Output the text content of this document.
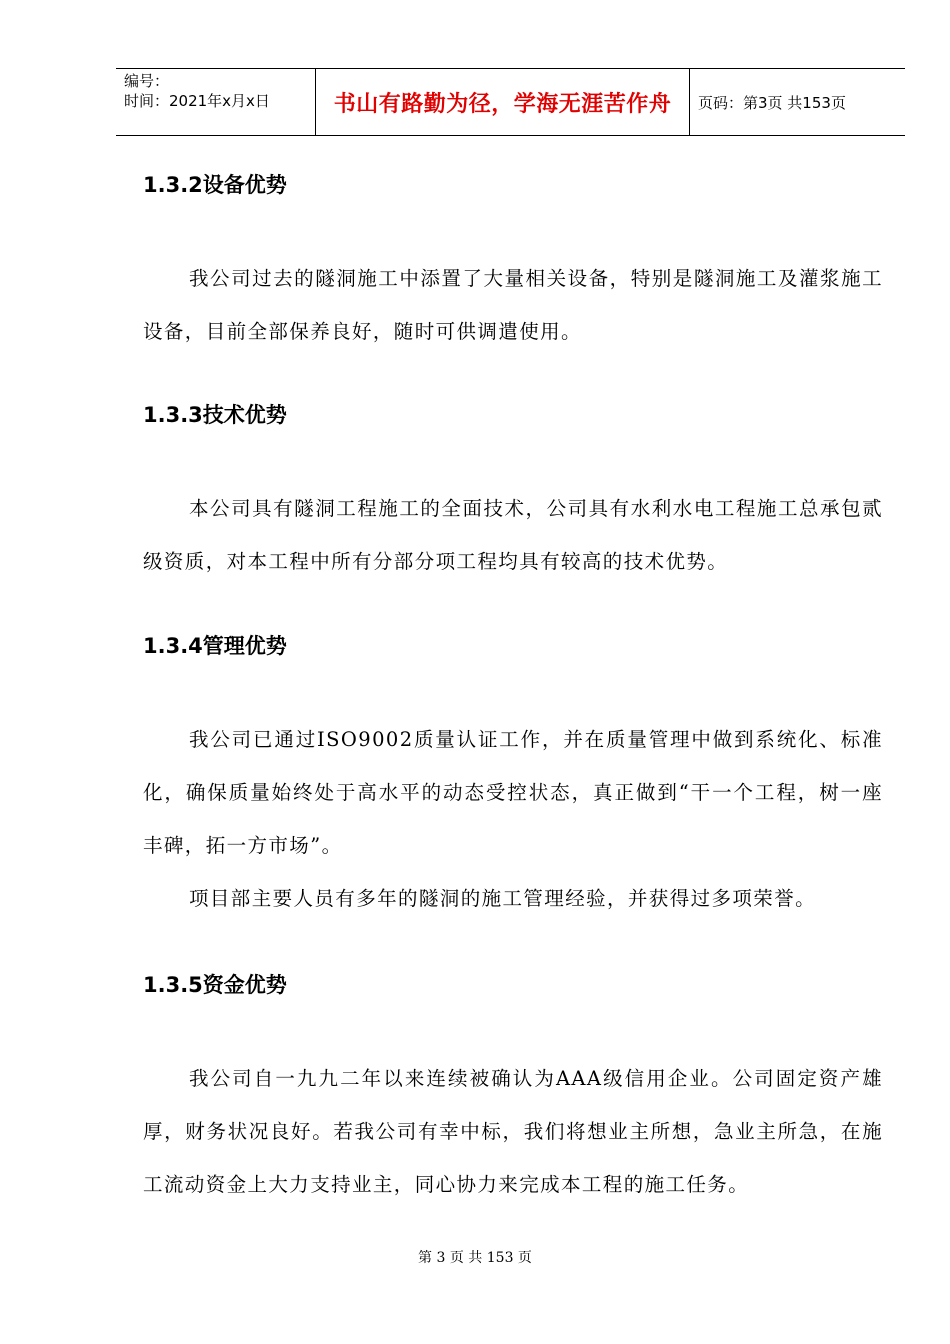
编号：
时间：2021年x月x日	书山有路勤为径，学海无涯苦作舟	页码：第3页 共153页
1.3.2设备优势

我公司过去的隧洞施工中添置了大量相关设备，特别是隧洞施工及灌浆施工设备，目前全部保养良好，随时可供调遣使用。

1.3.3技术优势

本公司具有隧洞工程施工的全面技术，公司具有水利水电工程施工总承包贰级资质，对本工程中所有分部分项工程均具有较高的技术优势。

1.3.4管理优势

我公司已通过ISO9002质量认证工作，并在质量管理中做到系统化、标准化，确保质量始终处于高水平的动态受控状态，真正做到“干一个工程，树一座丰碑，拓一方市场”。

项目部主要人员有多年的隧洞的施工管理经验，并获得过多项荣誉。

1.3.5资金优势

我公司自一九九二年以来连续被确认为AAA级信用企业。公司固定资产雄厚，财务状况良好。若我公司有幸中标，我们将想业主所想，急业主所急，在施工流动资金上大力支持业主，同心协力来完成本工程的施工任务。

第 3 页 共 153 页
